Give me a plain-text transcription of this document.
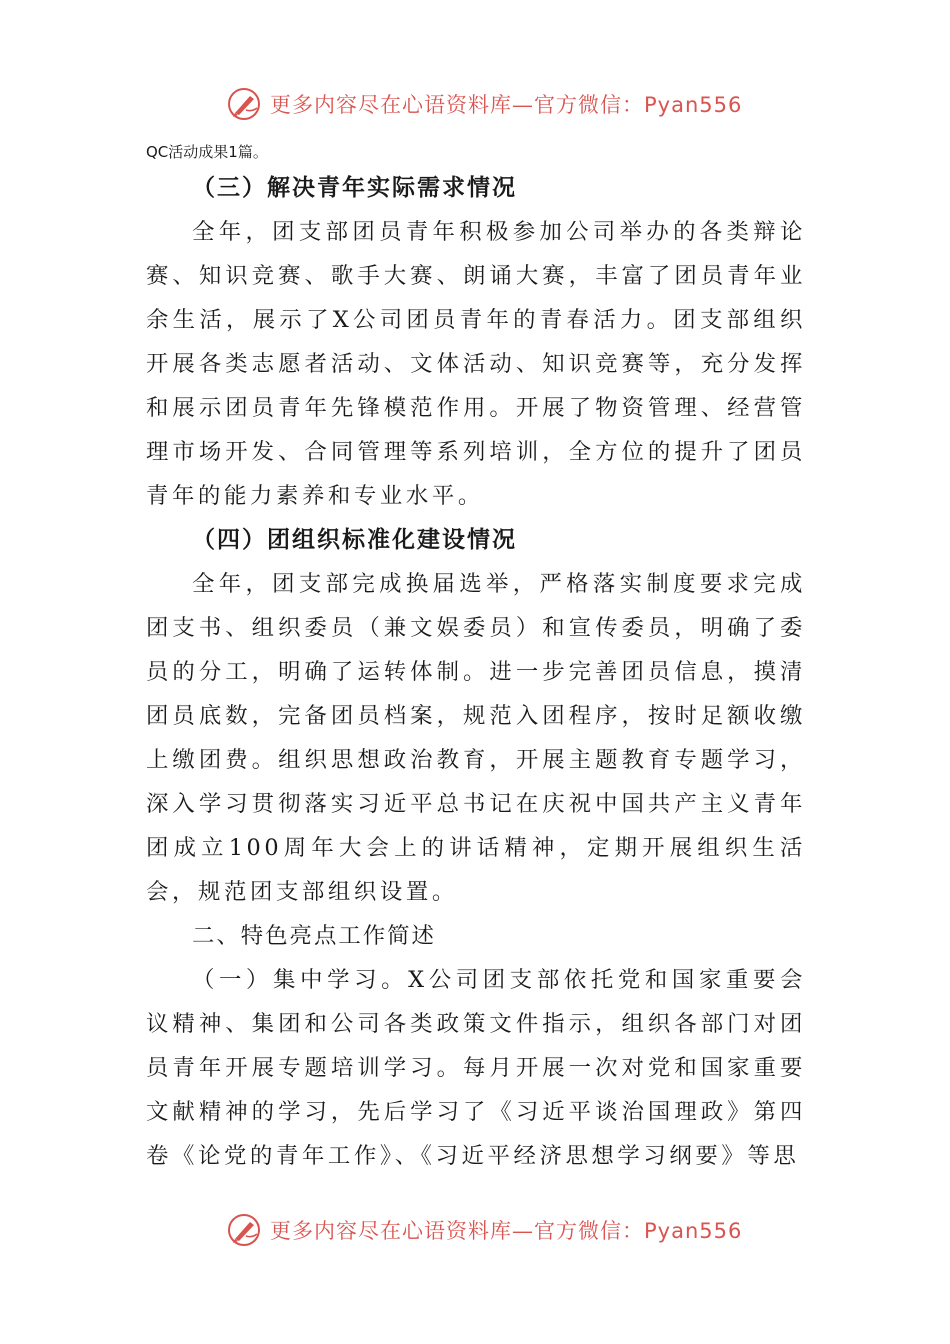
更多内容尽在心语资料库—官方微信：Pyan556

QC活动成果1篇。

（三）解决青年实际需求情况

全年，团支部团员青年积极参加公司举办的各类辩论赛、知识竞赛、歌手大赛、朗诵大赛，丰富了团员青年业余生活，展示了X公司团员青年的青春活力。团支部组织开展各类志愿者活动、文体活动、知识竞赛等，充分发挥和展示团员青年先锋模范作用。开展了物资管理、经营管理市场开发、合同管理等系列培训，全方位的提升了团员青年的能力素养和专业水平。

（四）团组织标准化建设情况

全年，团支部完成换届选举，严格落实制度要求完成团支书、组织委员（兼文娱委员）和宣传委员，明确了委员的分工，明确了运转体制。进一步完善团员信息，摸清团员底数，完备团员档案，规范入团程序，按时足额收缴上缴团费。组织思想政治教育，开展主题教育专题学习，深入学习贯彻落实习近平总书记在庆祝中国共产主义青年团成立100周年大会上的讲话精神，定期开展组织生活会，规范团支部组织设置。

二、特色亮点工作简述

（一）集中学习。X公司团支部依托党和国家重要会议精神、集团和公司各类政策文件指示，组织各部门对团员青年开展专题培训学习。每月开展一次对党和国家重要文献精神的学习，先后学习了《习近平谈治国理政》第四卷《论党的青年工作》、《习近平经济思想学习纲要》等思

更多内容尽在心语资料库—官方微信：Pyan556
